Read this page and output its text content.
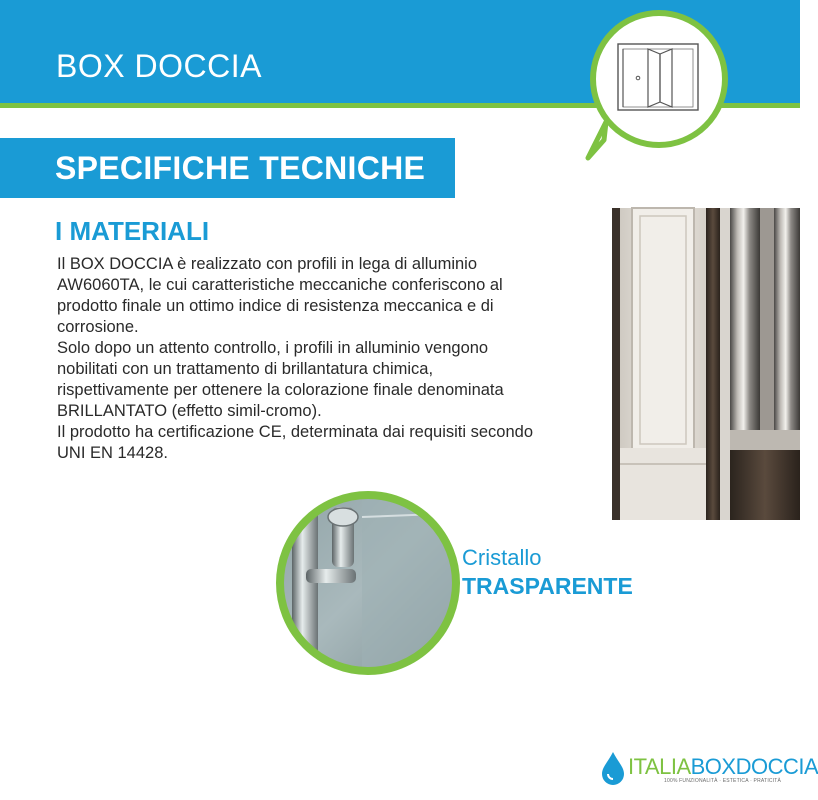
BOX DOCCIA
SPECIFICHE TECNICHE
I MATERIALI

Il BOX DOCCIA è realizzato con profili in lega di alluminio AW6060TA, le cui caratteristiche meccaniche conferiscono al prodotto finale un ottimo indice di resistenza meccanica e di corrosione.

Solo dopo un attento controllo, i profili in alluminio vengono nobilitati con un trattamento di brillantatura chimica, rispettivamente per ottenere la colorazione finale denominata BRILLANTATO (effetto simil-cromo).

Il prodotto ha certificazione CE, determinata dai requisiti secondo UNI EN 14428.

Cristallo
TRASPARENTE
ITALIABOXDOCCIA
100% FUNZIONALITÀ · ESTETICA · PRATICITÀ
